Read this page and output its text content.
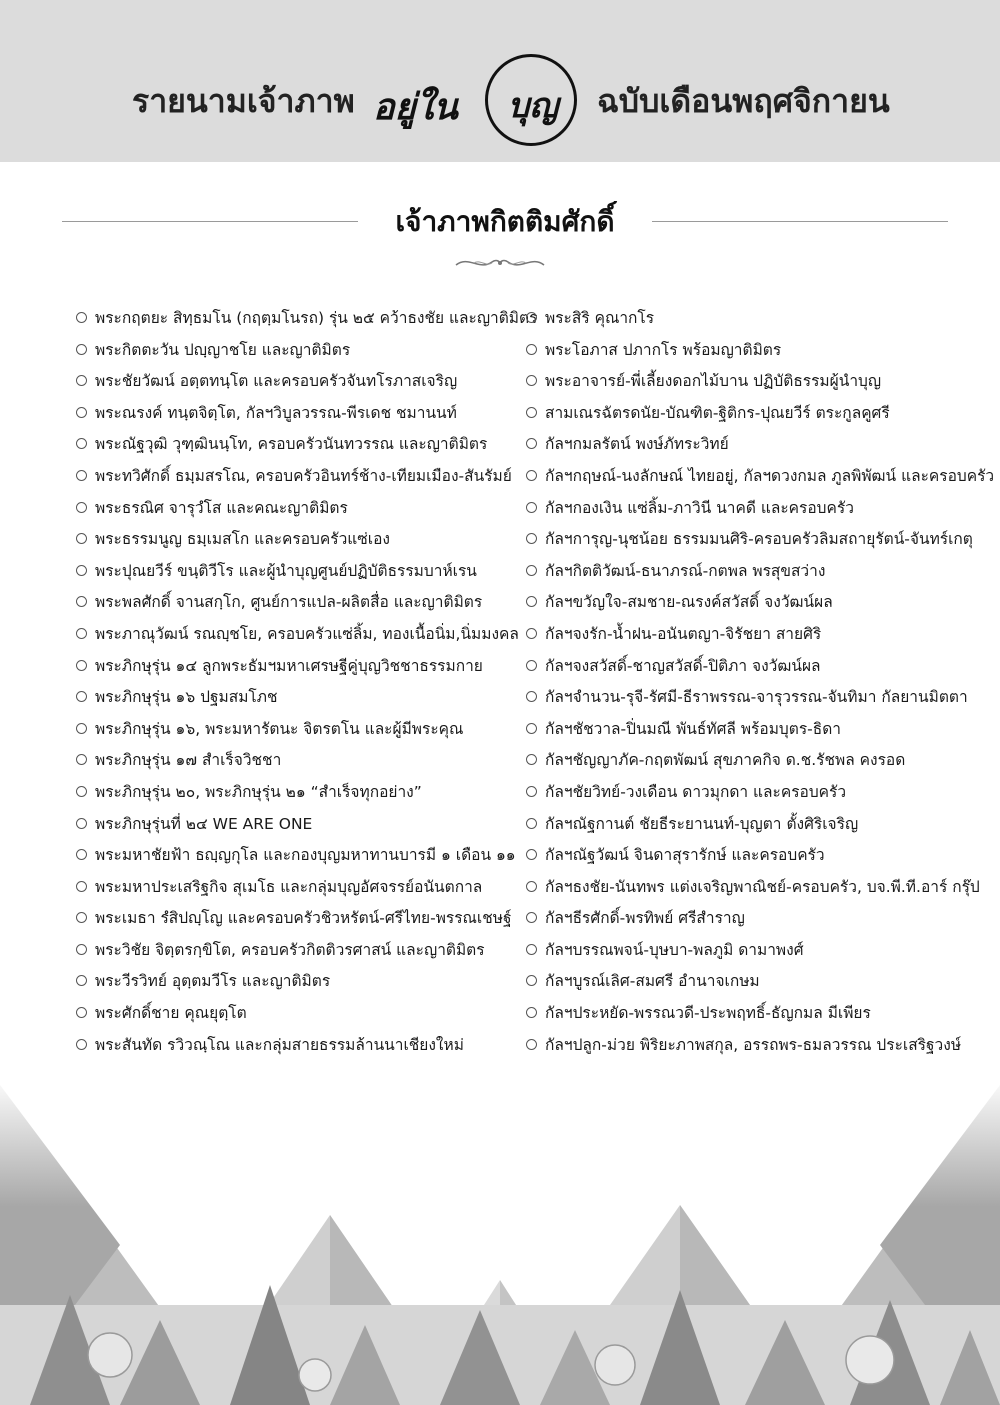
รายนามเจ้าภาพ อยู่ใน	บุญ	ฉบับเดือนพฤศจิกายน
เจ้าภาพกิตติมศักดิ์
พระกฤตยะ สิทฺธมโน (กฤตฺมโนรถ) รุ่น ๒๕ คว้าธงชัย และญาติมิตร
พระกิตตะวัน ปญฺญาชโย และญาติมิตร
พระชัยวัฒน์ อตฺตทนฺโต และครอบครัวจันทโรภาสเจริญ
พระณรงค์ ทนฺตจิตฺโต, กัลฯวิบูลวรรณ-พีรเดช ชมานนท์
พระณัฐวุฒิ วุฑฺฒินนฺโท, ครอบครัวนันทวรรณ และญาติมิตร
พระทวิศักดิ์ ธมฺมสรโณ, ครอบครัวอินทร์ช้าง-เทียมเมือง-สันรัมย์
พระธรณิศ จารุวํโส และคณะญาติมิตร
พระธรรมนูญ ธมฺเมสโก และครอบครัวแซ่เอง
พระปุณยวีร์ ขนฺติวีโร และผู้นำบุญศูนย์ปฏิบัติธรรมบาห์เรน
พระพลศักดิ์ จานสกฺโก, ศูนย์การแปล-ผลิตสื่อ และญาติมิตร
พระภาณุวัฒน์ รณญฺชโย, ครอบครัวแซ่ลิ้ม, ทองเนื้อนิ่ม,นิ่มมงคล
พระภิกษุรุ่น ๑๔ ลูกพระธัมฯมหาเศรษฐีคู่บุญวิชชาธรรมกาย
พระภิกษุรุ่น ๑๖ ปฐมสมโภช
พระภิกษุรุ่น ๑๖, พระมหารัตนะ จิตรตโน และผู้มีพระคุณ
พระภิกษุรุ่น ๑๗ สำเร็จวิชชา
พระภิกษุรุ่น ๒๐, พระภิกษุรุ่น ๒๑ “สำเร็จทุกอย่าง”
พระภิกษุรุ่นที่ ๒๔ WE ARE ONE
พระมหาชัยฟ้า ธญฺญกุโล และกองบุญมหาทานบารมี ๑ เดือน ๑๑
พระมหาประเสริฐกิจ สุเมโธ และกลุ่มบุญอัศจรรย์อนันตกาล
พระเมธา รํสิปญฺโญ และครอบครัวชิวหรัตน์-ศรีไทย-พรรณเชษฐ์
พระวิชัย จิตฺตรกฺขิโต, ครอบครัวกิตติวรศาสน์ และญาติมิตร
พระวีรวิทย์ อุตฺตมวีโร และญาติมิตร
พระศักดิ์ชาย คุณยุตฺโต
พระสันทัด รวิวณฺโณ และกลุ่มสายธรรมล้านนาเชียงใหม่
พระสิริ คุณากโร
พระโอภาส ปภากโร พร้อมญาติมิตร
พระอาจารย์-พี่เลี้ยงดอกไม้บาน ปฏิบัติธรรมผู้นำบุญ
สามเณรฉัตรดนัย-บัณฑิต-ฐิติกร-ปุณยวีร์ ตระกูลคูศรี
กัลฯกมลรัตน์ พงษ์ภัทระวิทย์
กัลฯกฤษณ์-นงลักษณ์ ไทยอยู่, กัลฯดวงกมล ภูลพิพัฒน์ และครอบครัว
กัลฯกองเงิน แซ่ลิ้ม-ภาวินี นาคดี และครอบครัว
กัลฯการุญ-นุชน้อย ธรรมมนศิริ-ครอบครัวลิมสถายุรัตน์-จันทร์เกตุ
กัลฯกิตติวัฒน์-ธนาภรณ์-กตพล พรสุขสว่าง
กัลฯขวัญใจ-สมชาย-ณรงค์สวัสดิ์ จงวัฒน์ผล
กัลฯจงรัก-น้ำฝน-อนันตญา-จิรัชยา สายศิริ
กัลฯจงสวัสดิ์-ชาญสวัสดิ์-ปิติภา จงวัฒน์ผล
กัลฯจำนวน-รุจี-รัศมี-ธีราพรรณ-จารุวรรณ-จันทิมา กัลยานมิตตา
กัลฯชัชวาล-ปิ่นมณี พันธ์ทัศลี พร้อมบุตร-ธิดา
กัลฯชัญญาภัค-กฤตพัฒน์ สุขภาคกิจ ด.ช.รัชพล คงรอด
กัลฯชัยวิทย์-วงเดือน ดาวมุกดา และครอบครัว
กัลฯณัฐกานต์ ชัยธีระยานนท์-บุญตา ตั้งศิริเจริญ
กัลฯณัฐวัฒน์ จินดาสุรารักษ์ และครอบครัว
กัลฯธงชัย-นันทพร แต่งเจริญพาณิชย์-ครอบครัว, บจ.พี.ที.อาร์ กรุ๊ป
กัลฯธีรศักดิ์-พรทิพย์ ศรีสำราญ
กัลฯบรรณพจน์-บุษบา-พลภูมิ ดามาพงศ์
กัลฯบูรณ์เลิศ-สมศรี อำนาจเกษม
กัลฯประหยัด-พรรณวดี-ประพฤทธิ์-ธัญกมล มีเพียร
กัลฯปลูก-ม่วย พิริยะภาพสกุล, อรรถพร-ธมลวรรณ ประเสริฐวงษ์
